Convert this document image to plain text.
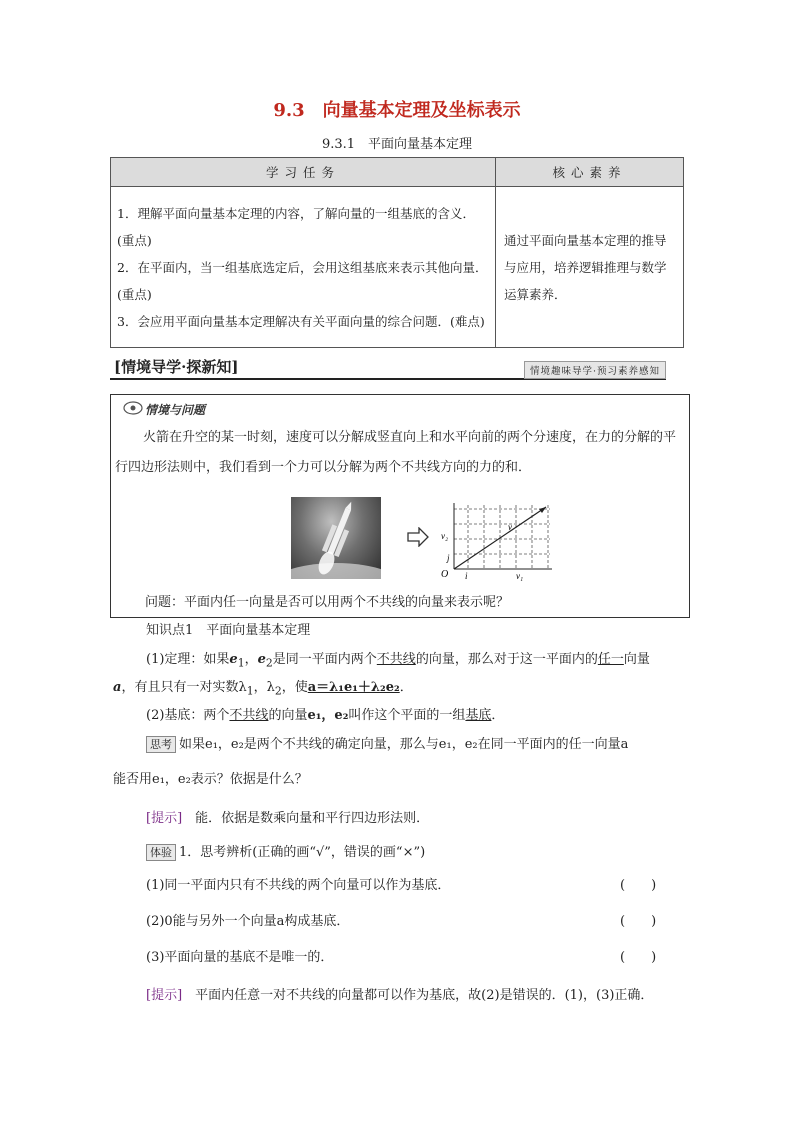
9.3　向量基本定理及坐标表示
9.3.1　平面向量基本定理
学习任务	核心素养

1．理解平面向量基本定理的内容，了解向量的一组基底的含义．(重点)
2．在平面内，当一组基底选定后，会用这组基底来表示其他向量．(重点)
3．会应用平面向量基本定理解决有关平面向量的综合问题．(难点)	通过平面向量基本定理的推导与应用，培养逻辑推理与数学运算素养．
[情境导学·探新知]	情境趣味导学·预习素养感知
情境与问题
火箭在升空的某一时刻，速度可以分解成竖直向上和水平向前的两个分速度，在力的分解的平行四边形法则中，我们看到一个力可以分解为两个不共线方向的力的和．
问题：平面内任一向量是否可以用两个不共线的向量来表示呢？
v₂
v
j
O i	v₁
知识点1　平面向量基本定理
(1)定理：如果$e_1$，$e_2$是同一平面内两个不共线的向量，那么对于这一平面内的任一向量
a，有且只有一对实数$\lambda_1$，$\lambda_2$，使a＝λ₁e₁＋λ₂e₂．
(2)基底：两个不共线的向量e₁，e₂叫作这个平面的一组基底．
思考 如果e₁，e₂是两个不共线的确定向量，那么与e₁，e₂在同一平面内的任一向量a
能否用e₁，e₂表示？依据是什么？
[提示]　 能．依据是数乘向量和平行四边形法则．
体验 1．思考辨析(正确的画“√”，错误的画“×”)
(1)同一平面内只有不共线的两个向量可以作为基底．	(　　)
(2)0能与另外一个向量a构成基底．	(　　)
(3)平面向量的基底不是唯一的．	(　　)
[提示]　 平面内任意一对不共线的向量都可以作为基底，故(2)是错误的．(1)，(3)正确．
